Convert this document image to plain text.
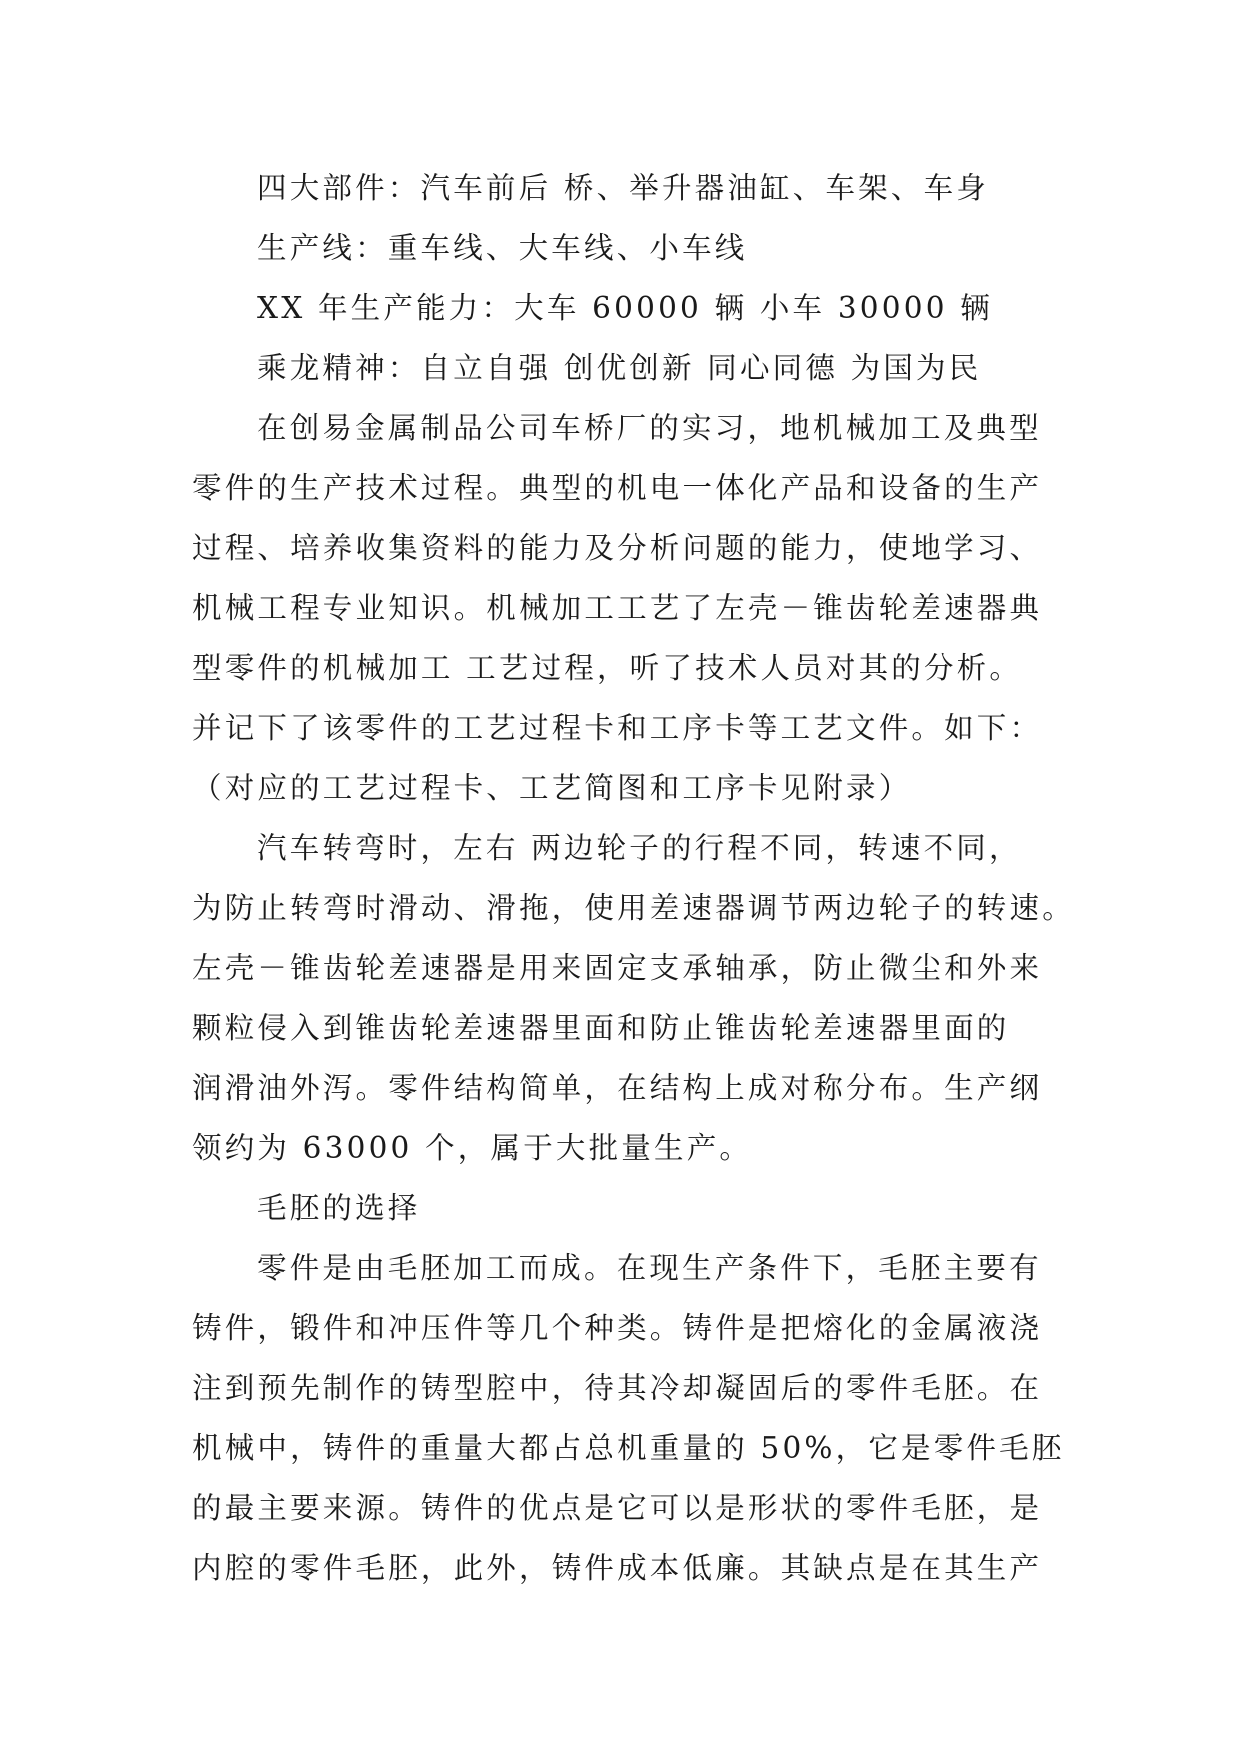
四大部件：汽车前后 桥、举升器油缸、车架、车身
生产线：重车线、大车线、小车线
XX 年生产能力：大车 60000 辆 小车 30000 辆
乘龙精神：自立自强 创优创新 同心同德 为国为民
在创易金属制品公司车桥厂的实习，地机械加工及典型
零件的生产技术过程。典型的机电一体化产品和设备的生产
过程、培养收集资料的能力及分析问题的能力，使地学习、
机械工程专业知识。机械加工工艺了左壳－锥齿轮差速器典
型零件的机械加工 工艺过程，听了技术人员对其的分析。
并记下了该零件的工艺过程卡和工序卡等工艺文件。如下：
（对应的工艺过程卡、工艺简图和工序卡见附录）
汽车转弯时，左右 两边轮子的行程不同，转速不同，
为防止转弯时滑动、滑拖，使用差速器调节两边轮子的转速。
左壳－锥齿轮差速器是用来固定支承轴承，防止微尘和外来
颗粒侵入到锥齿轮差速器里面和防止锥齿轮差速器里面的
润滑油外泻。零件结构简单，在结构上成对称分布。生产纲
领约为 63000 个，属于大批量生产。
毛胚的选择
零件是由毛胚加工而成。在现生产条件下，毛胚主要有
铸件，锻件和冲压件等几个种类。铸件是把熔化的金属液浇
注到预先制作的铸型腔中，待其冷却凝固后的零件毛胚。在
机械中，铸件的重量大都占总机重量的 50%，它是零件毛胚
的最主要来源。铸件的优点是它可以是形状的零件毛胚，是
内腔的零件毛胚，此外，铸件成本低廉。其缺点是在其生产
